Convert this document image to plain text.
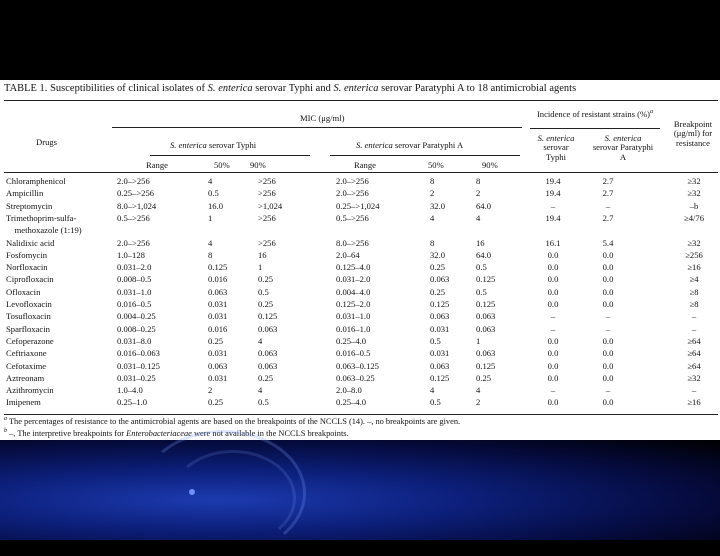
TABLE 1. Susceptibilities of clinical isolates of S. enterica serovar Typhi and S. enterica serovar Paratyphi A to 18 antimicrobial agents
Drugs
MIC (μg/ml)
S. enterica serovar Typhi	S. enterica serovar Paratyphi A
Range	50% 90%	Range	50%	90%
Incidence of resistant strains (%)$^a$
S. enterica
serovar Typhi
S. enterica
serovar Paratyphi A
Breakpoint (μg/ml) for resistance
Chloramphenicol	2.0–>256	4	>256	2.0–>256	8	8	19.4	2.7	≥32
Ampicillin	0.25–>256	0.5	>256	2.0–>256	2	2	19.4	2.7	≥32
Streptomycin	8.0–>1,024	16.0	>1,024	0.25–>1,024	32.0	64.0	–	–	–b
Trimethoprim-sulfa-	0.5–>256	1	>256	0.5–>256	4	4	19.4	2.7	≥4/76
methoxazole (1:19)
Nalidixic acid	2.0–>256	4	>256	8.0–>256	8	16	16.1	5.4	≥32
Fosfomycin	1.0–128	8	16	2.0–64	32.0	64.0	0.0	0.0	≥256
Norfloxacin	0.031–2.0	0.125	1	0.125–4.0	0.25	0.5	0.0	0.0	≥16
Ciprofloxacin	0.008–0.5	0.016	0.25	0.031–2.0	0.063	0.125	0.0	0.0	≥4
Ofloxacin	0.031–1.0	0.063	0.5	0.004–4.0	0.25	0.5	0.0	0.0	≥8
Levofloxacin	0.016–0.5	0.031	0.25	0.125–2.0	0.125	0.125	0.0	0.0	≥8
Tosufloxacin	0.004–0.25	0.031	0.125	0.031–1.0	0.063	0.063	–	–	–
Sparfloxacin	0.008–0.25	0.016	0.063	0.016–1.0	0.031	0.063	–	–	–
Cefoperazone	0.031–8.0	0.25	4	0.25–4.0	0.5	1	0.0	0.0	≥64
Ceftriaxone	0.016–0.063	0.031	0.063	0.016–0.5	0.031	0.063	0.0	0.0	≥64
Cefotaxime	0.031–0.125	0.063	0.063	0.063–0.125	0.063	0.125	0.0	0.0	≥64
Aztreonam	0.031–0.25	0.031	0.25	0.063–0.25	0.125	0.25	0.0	0.0	≥32
Azithromycin	1.0–4.0	2	4	2.0–8.0	4	4	–	–	–
Imipenem	0.25–1.0	0.25	0.5	0.25–4.0	0.5	2	0.0	0.0	≥16
$^a$ The percentages of resistance to the antimicrobial agents are based on the breakpoints of the NCCLS (14). –, no breakpoints are given.
$^b$ –, The interpretive breakpoints for Enterobacteriaceae were not available in the NCCLS breakpoints.
